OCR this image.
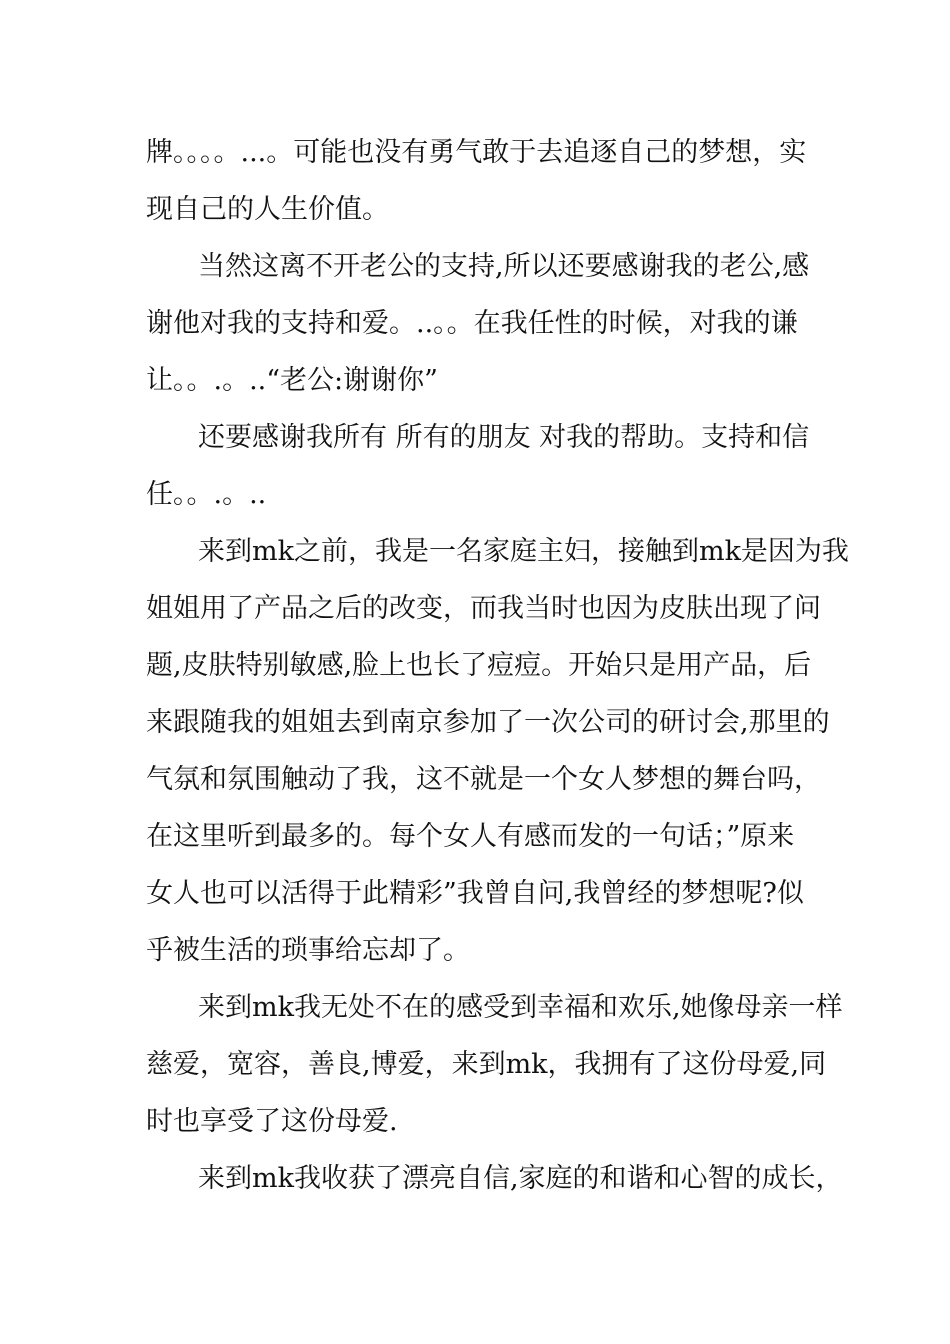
牌。。。。...。可能也没有勇气敢于去追逐自己的梦想，实
现自己的人生价值。
当然这离不开老公的支持,所以还要感谢我的老公,感
谢他对我的支持和爱。..。。在我任性的时候，对我的谦
让。。.。..“老公:谢谢你”
还要感谢我所有 所有的朋友 对我的帮助。支持和信
任。。.。..
来到mk之前，我是一名家庭主妇，接触到mk是因为我
姐姐用了产品之后的改变，而我当时也因为皮肤出现了问
题,皮肤特别敏感,脸上也长了痘痘。开始只是用产品，后
来跟随我的姐姐去到南京参加了一次公司的研讨会,那里的
气氛和氛围触动了我，这不就是一个女人梦想的舞台吗，
在这里听到最多的。每个女人有感而发的一句话；”原来
女人也可以活得于此精彩”我曾自问,我曾经的梦想呢?似
乎被生活的琐事给忘却了。
来到mk我无处不在的感受到幸福和欢乐,她像母亲一样
慈爱，宽容，善良,博爱，来到mk，我拥有了这份母爱,同
时也享受了这份母爱.
来到mk我收获了漂亮自信,家庭的和谐和心智的成长，
